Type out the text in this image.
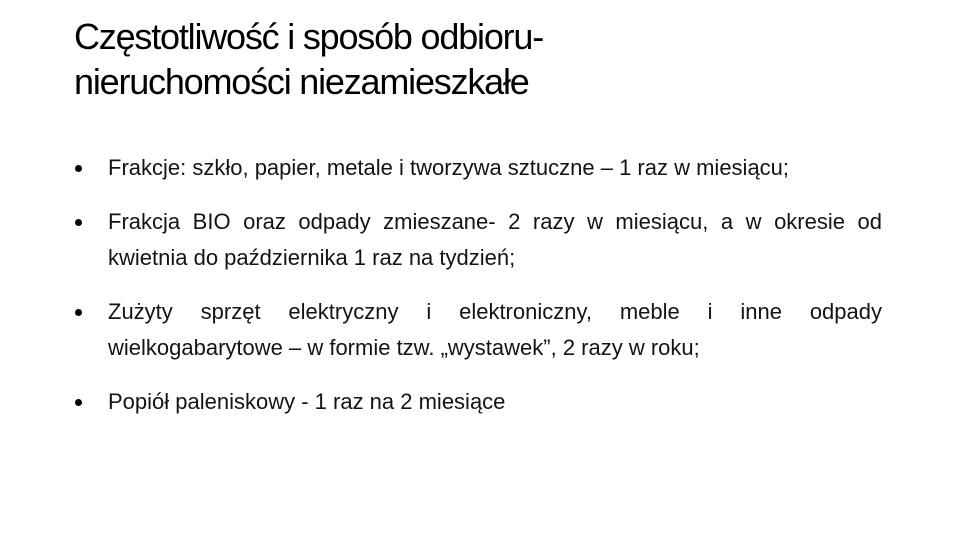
Częstotliwość i sposób odbioru-
nieruchomości niezamieszkałe
Frakcje: szkło, papier, metale i tworzywa sztuczne – 1 raz w miesiącu;
Frakcja BIO oraz odpady zmieszane- 2 razy w miesiącu, a w okresie od kwietnia do października 1 raz na tydzień;
Zużyty sprzęt elektryczny i elektroniczny, meble i inne odpady wielkogabarytowe – w formie tzw. „wystawek”, 2 razy w roku;
Popiół paleniskowy - 1 raz na 2 miesiące
